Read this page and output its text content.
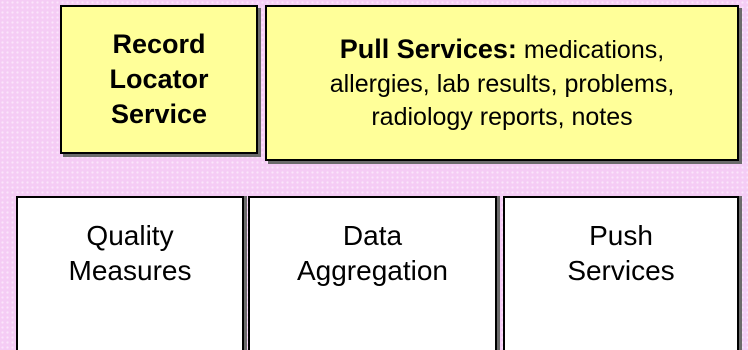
Record
Locator
Service
Pull Services: medications,
allergies, lab results, problems,
radiology reports, notes
Quality
Measures
Data
Aggregation
Push
Services
